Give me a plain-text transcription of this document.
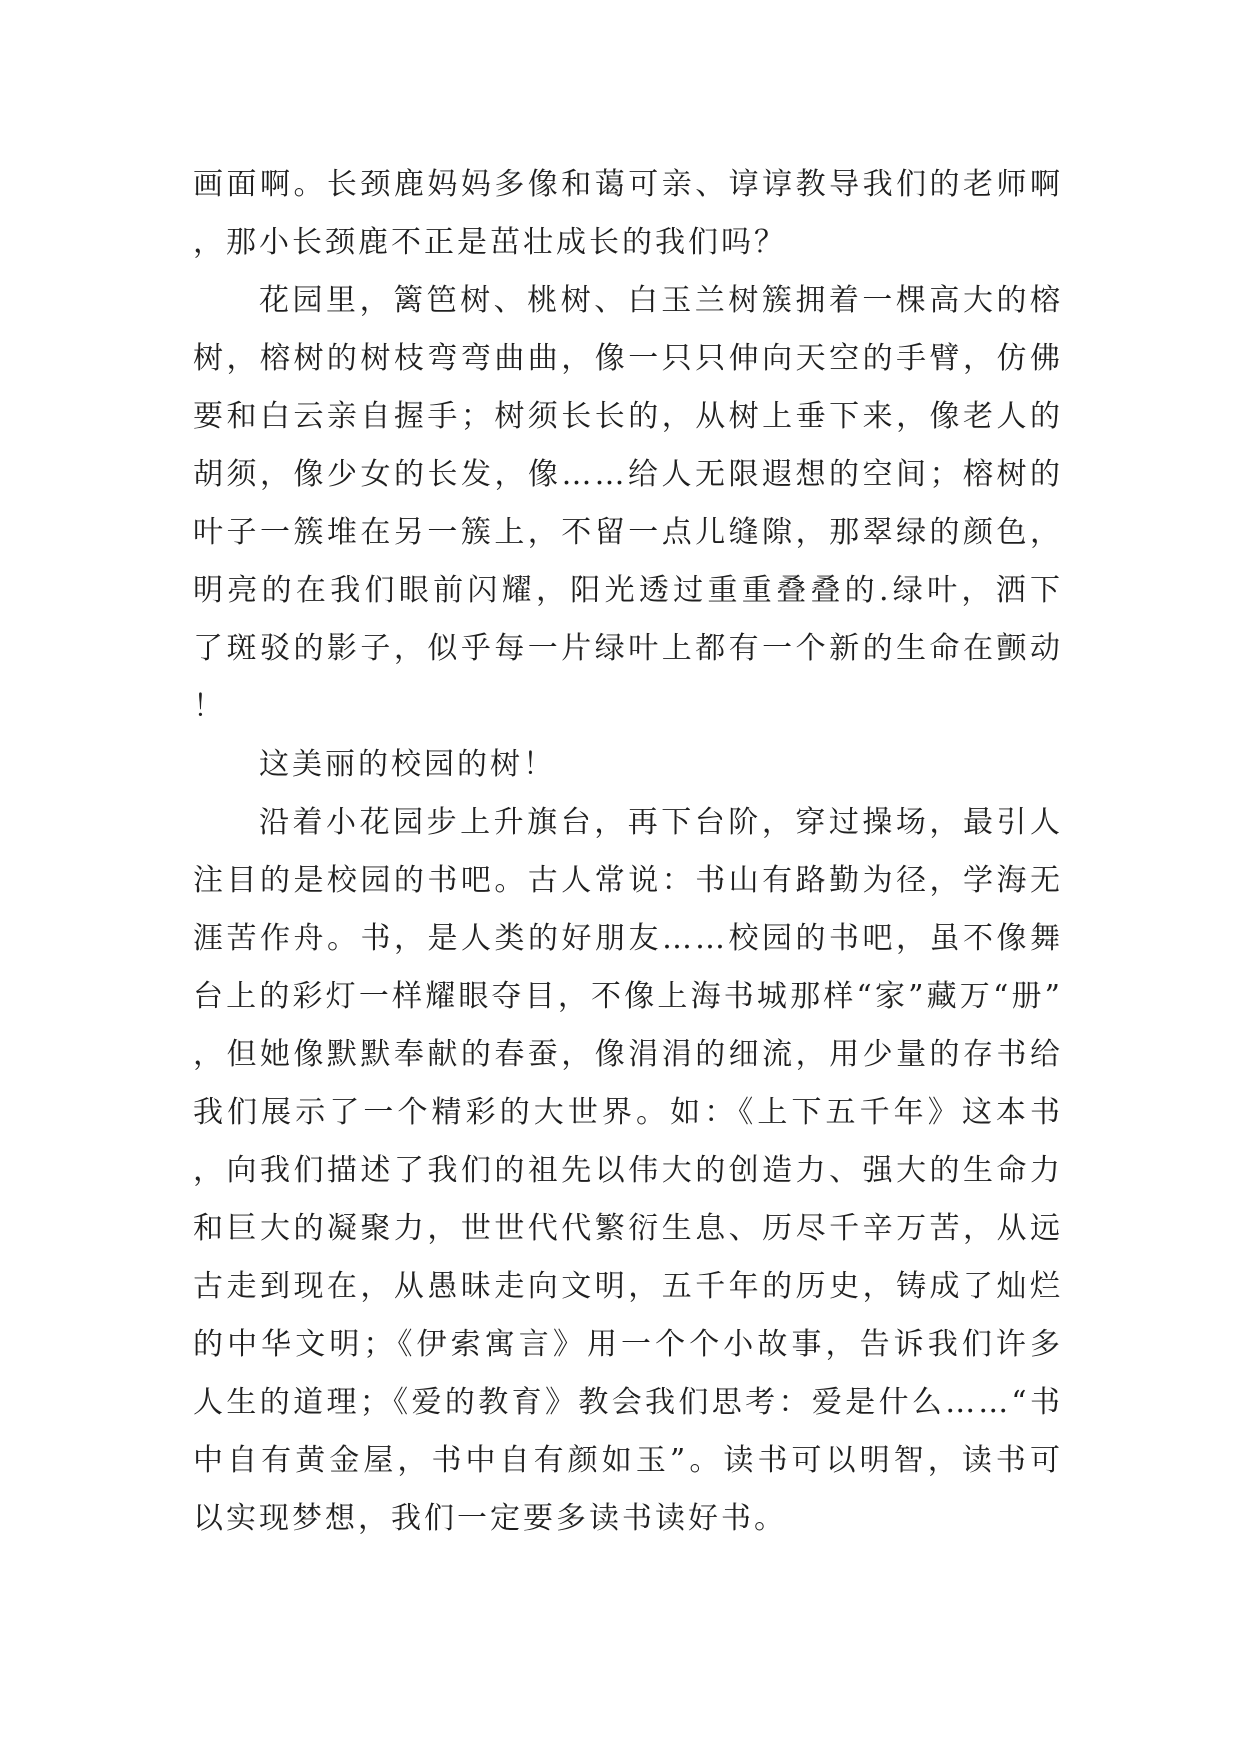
画面啊。长颈鹿妈妈多像和蔼可亲、谆谆教导我们的老师啊，那小长颈鹿不正是茁壮成长的我们吗？

花园里，篱笆树、桃树、白玉兰树簇拥着一棵高大的榕树，榕树的树枝弯弯曲曲，像一只只伸向天空的手臂，仿佛要和白云亲自握手；树须长长的，从树上垂下来，像老人的胡须，像少女的长发，像……给人无限遐想的空间；榕树的叶子一簇堆在另一簇上，不留一点儿缝隙，那翠绿的颜色，明亮的在我们眼前闪耀，阳光透过重重叠叠的.绿叶，洒下了斑驳的影子，似乎每一片绿叶上都有一个新的生命在颤动！

这美丽的校园的树！

沿着小花园步上升旗台，再下台阶，穿过操场，最引人注目的是校园的书吧。古人常说：书山有路勤为径，学海无涯苦作舟。书，是人类的好朋友……校园的书吧，虽不像舞台上的彩灯一样耀眼夺目，不像上海书城那样“家”藏万“册”，但她像默默奉献的春蚕，像涓涓的细流，用少量的存书给我们展示了一个精彩的大世界。如：《上下五千年》这本书，向我们描述了我们的祖先以伟大的创造力、强大的生命力和巨大的凝聚力，世世代代繁衍生息、历尽千辛万苦，从远古走到现在，从愚昧走向文明，五千年的历史，铸成了灿烂的中华文明；《伊索寓言》用一个个小故事，告诉我们许多人生的道理；《爱的教育》教会我们思考：爱是什么……“书中自有黄金屋，书中自有颜如玉”。读书可以明智，读书可以实现梦想，我们一定要多读书读好书。
